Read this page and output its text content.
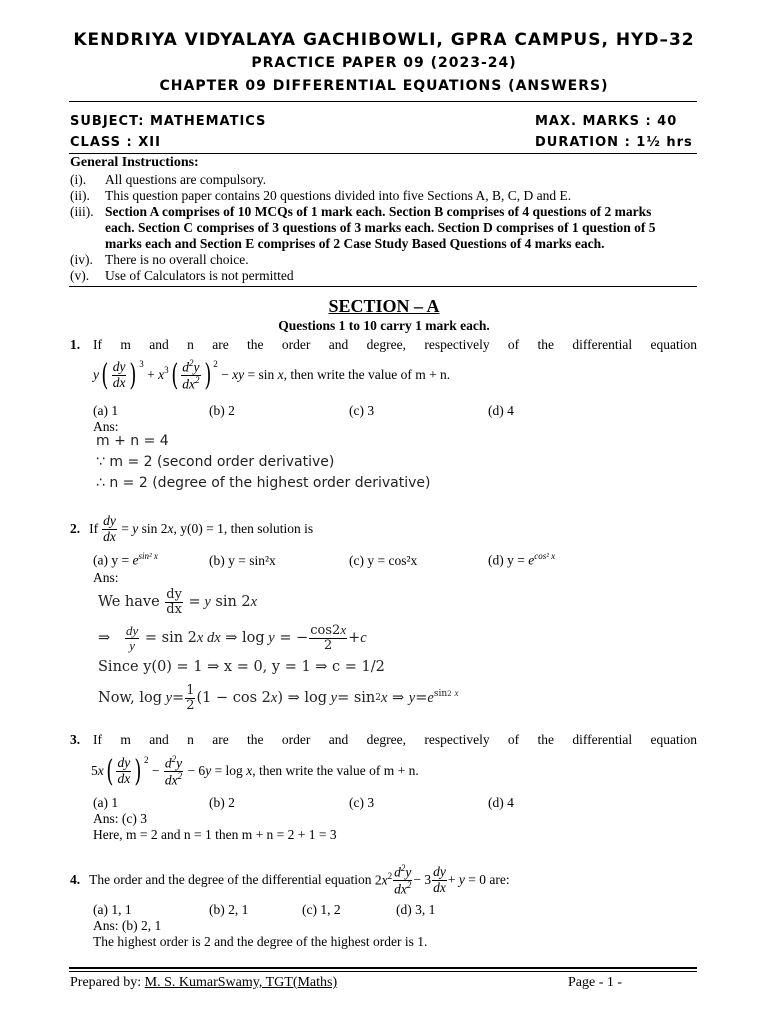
KENDRIYA VIDYALAYA GACHIBOWLI, GPRA CAMPUS, HYD–32
PRACTICE PAPER 09 (2023-24)
CHAPTER 09 DIFFERENTIAL EQUATIONS (ANSWERS)
SUBJECT: MATHEMATICS	MAX. MARKS : 40
CLASS : XII	DURATION : 1½ hrs
General Instructions:
(i). All questions are compulsory.
(ii). This question paper contains 20 questions divided into five Sections A, B, C, D and E.
(iii). Section A comprises of 10 MCQs of 1 mark each. Section B comprises of 4 questions of 2 marks
each. Section C comprises of 3 questions of 3 marks each. Section D comprises of 1 question of 5
marks each and Section E comprises of 2 Case Study Based Questions of 4 marks each.
(iv). There is no overall choice.
(v). Use of Calculators is not permitted
SECTION – A
Questions 1 to 10 carry 1 mark each.
1. If m and n are the order and degree, respectively of the differential equation
y ( $\frac{dy}{dx}$ ) 3
+ x 3 ( $\frac{d^2y}{dx^2}$ ) 2
− xy = sin x , then write the value of m + n.
(a) 1	(b) 2	(c) 3	(d) 4
Ans:
m + n = 4
∵ m = 2 (second order derivative)
∴ n = 2 (degree of the highest order derivative)
2. If $\frac{dy}{dx} = y$ sin 2x , y(0) = 1, then solution is
(a) $y = e^{sin^2 x}$	(b) y = sin²x	(c) y = cos²x	(d) $y = e^{cos^2 x}$
Ans:
We have
$\frac{dy}{dx} = y$ sin 2 x
⇒ $\frac{dy}{y} = \sin 2$ x dx ⇒ log y = − $\frac{\cos 2x}{2} + c$
Since y(0) = 1 ⇒ x = 0, y = 1 ⇒ c = 1/2
Now, $\log y = \frac{1}{2} (1 - \cos 2$ x ) ⇒ log y = sin 2 x ⇒ y = e sin2 x
3. If m and n are the order and degree, respectively of the differential equation
5 x ( $\frac{dy}{dx}$ ) 2
− $\frac{d^2y}{dx^2} - 6y = \log x$ , then write the value of m + n.
(a) 1	(b) 2	(c) 3	(d) 4
Ans: (c) 3
Here, m = 2 and n = 1 then m + n = 2 + 1 = 3
4. The order and the degree of the differential equation $2x^2 \frac{d^2y}{dx^2} - 3 \frac{dy}{dx} + y = 0$ are:
(a) 1, 1	(b) 2, 1	(c) 1, 2	(d) 3, 1
Ans: (b) 2, 1
The highest order is 2 and the degree of the highest order is 1.
Prepared by: M. S. KumarSwamy, TGT(Maths)	Page - 1 -
